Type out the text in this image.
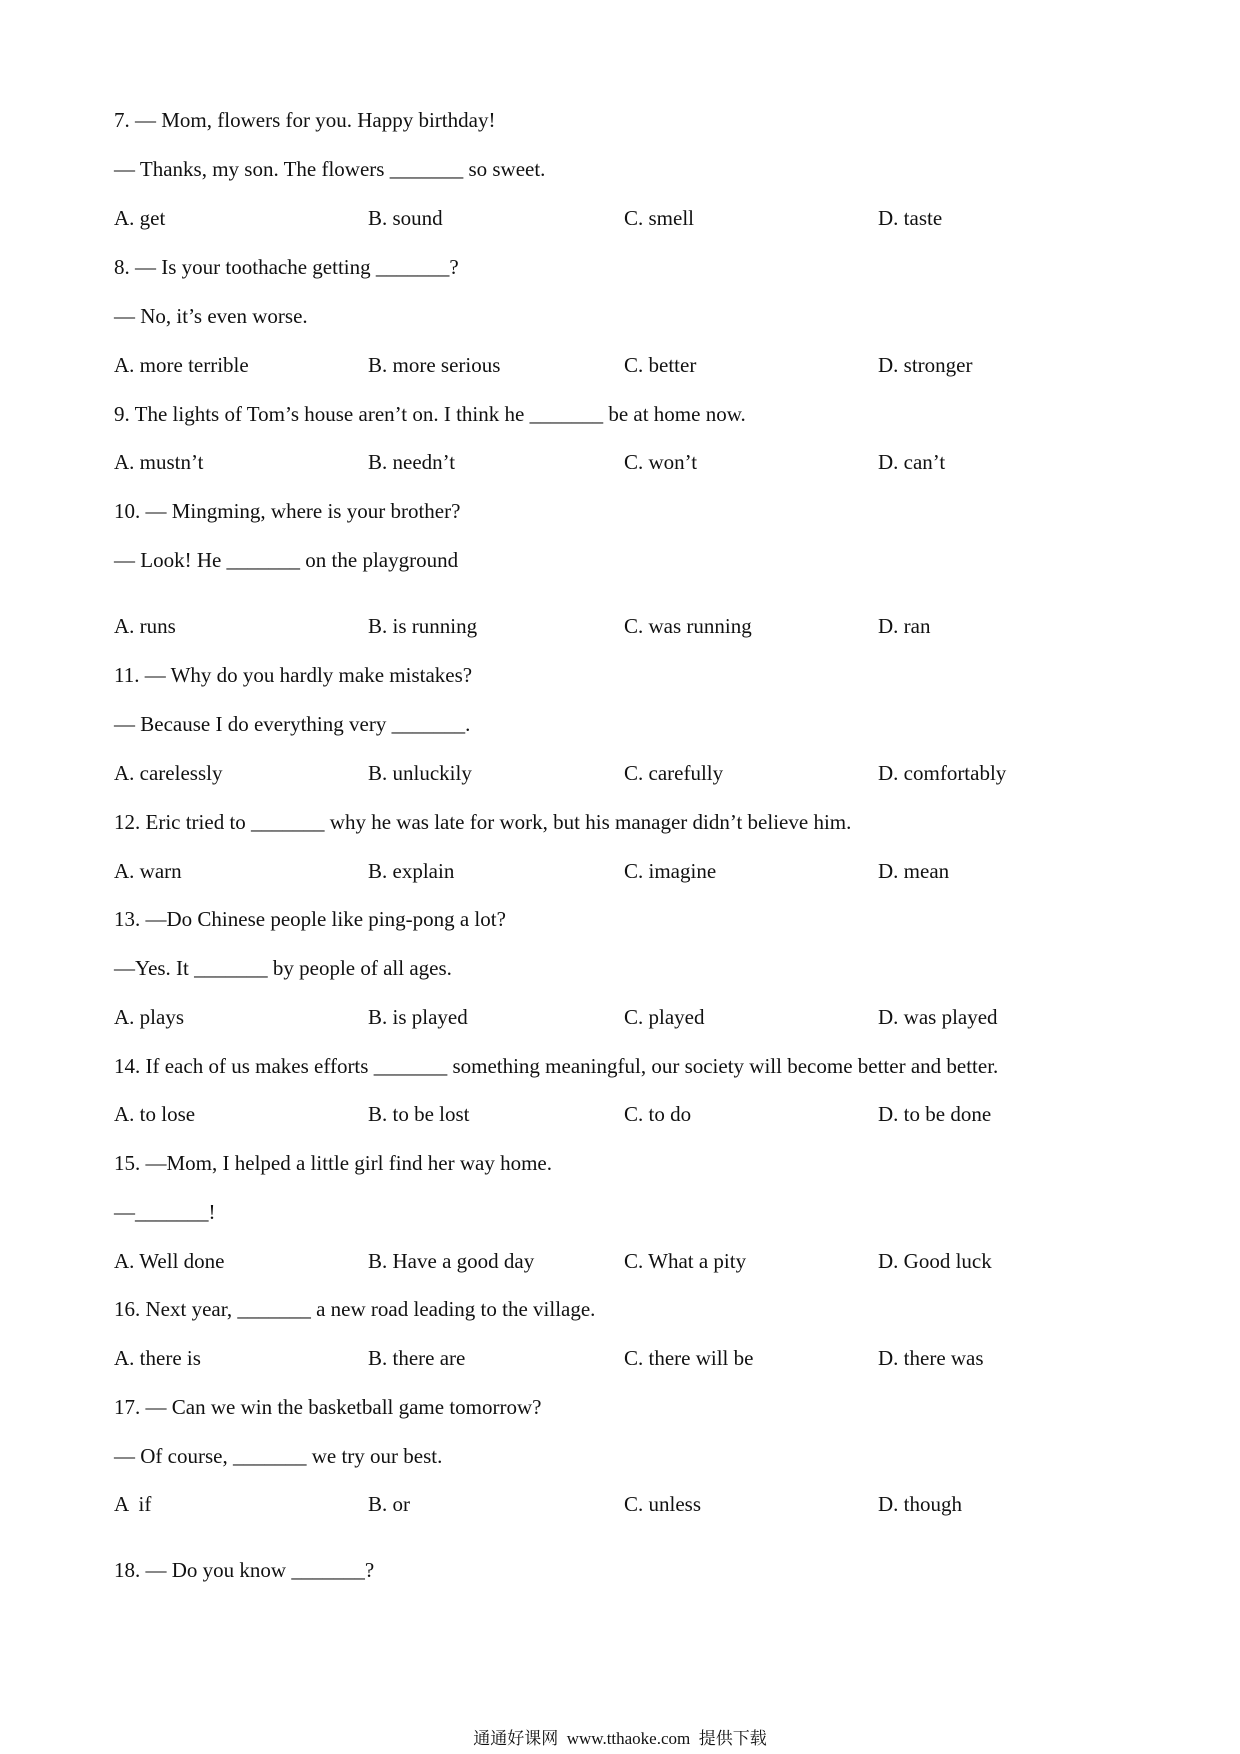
7. — Mom, flowers for you. Happy birthday!
— Thanks, my son. The flowers _______ so sweet.
A. get	B. sound	C. smell	D. taste
8. — Is your toothache getting _______?
— No, it’s even worse.
A. more terrible	B. more serious	C. better	D. stronger
9. The lights of Tom’s house aren’t on. I think he _______ be at home now.
A. mustn’t	B. needn’t	C. won’t	D. can’t
10. — Mingming, where is your brother?
— Look! He _______ on the playground
A. runs	B. is running	C. was running	D. ran
11. — Why do you hardly make mistakes?
— Because I do everything very _______.
A. carelessly	B. unluckily	C. carefully	D. comfortably
12. Eric tried to _______ why he was late for work, but his manager didn’t believe him.
A. warn	B. explain	C. imagine	D. mean
13. —Do Chinese people like ping-pong a lot?
—Yes. It _______ by people of all ages.
A. plays	B. is played	C. played	D. was played
14. If each of us makes efforts _______ something meaningful, our society will become better and better.
A. to lose	B. to be lost	C. to do	D. to be done
15. —Mom, I helped a little girl find her way home.
—_______!
A. Well done	B. Have a good day	C. What a pity	D. Good luck
16. Next year, _______ a new road leading to the village.
A. there is	B. there are	C. there will be	D. there was
17. — Can we win the basketball game tomorrow?
— Of course, _______ we try our best.
A  if	B. or	C. unless	D. though
18. — Do you know _______?
通通好课网  www.tthaoke.com  提供下载
